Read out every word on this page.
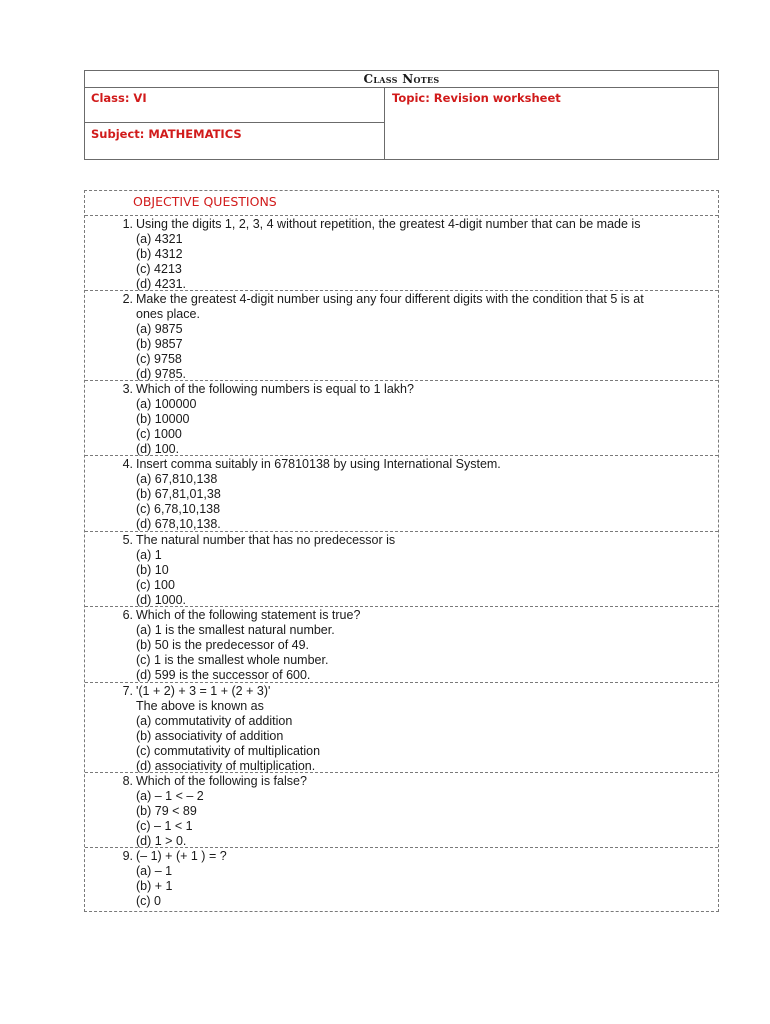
Class Notes
Class: VI
Subject: MATHEMATICS
Topic: Revision worksheet
OBJECTIVE QUESTIONS
1. Using the digits 1, 2, 3, 4 without repetition, the greatest 4-digit number that can be made is
(a) 4321
(b) 4312
(c) 4213
(d) 4231.
2. Make the greatest 4-digit number using any four different digits with the condition that 5 is at
ones place.
(a) 9875
(b) 9857
(c) 9758
(d) 9785.
3. Which of the following numbers is equal to 1 lakh?
(a) 100000
(b) 10000
(c) 1000
(d) 100.
4. Insert comma suitably in 67810138 by using International System.
(a) 67,810,138
(b) 67,81,01,38
(c) 6,78,10,138
(d) 678,10,138.
5. The natural number that has no predecessor is
(a) 1
(b) 10
(c) 100
(d) 1000.
6. Which of the following statement is true?
(a) 1 is the smallest natural number.
(b) 50 is the predecessor of 49.
(c) 1 is the smallest whole number.
(d) 599 is the successor of 600.
7. '(1 + 2) + 3 = 1 + (2 + 3)'
The above is known as
(a) commutativity of addition
(b) associativity of addition
(c) commutativity of multiplication
(d) associativity of multiplication.
8. Which of the following is false?
(a) – 1 < – 2
(b) 79 < 89
(c) – 1 < 1
(d) 1 > 0.
9. (– 1) + (+ 1 ) = ?
(a) – 1
(b) + 1
(c) 0
